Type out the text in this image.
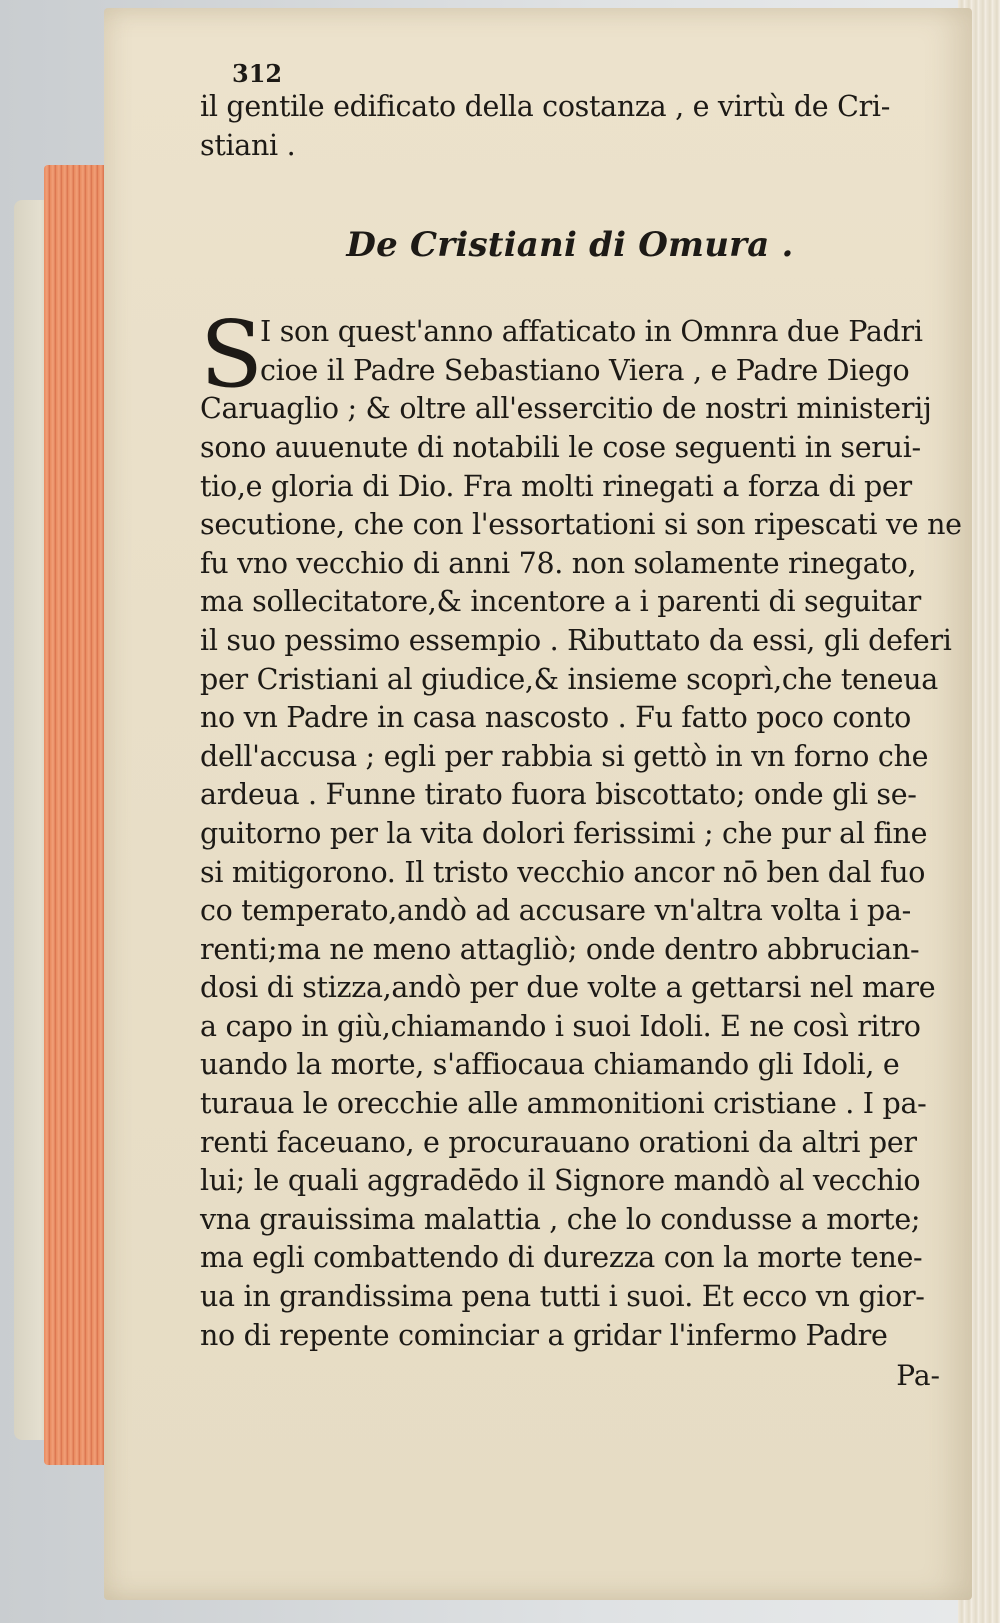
312

il gentile edificato della costanza , e virtù de Cri-

stiani .

De Cristiani di Omura .
S

I son quest'anno affaticato in Omnra due Padri

cioe il Padre Sebastiano Viera , e Padre Diego

Caruaglio ; & oltre all'essercitio de nostri ministerij

sono auuenute di notabili le cose seguenti in serui-

tio,e gloria di Dio. Fra molti rinegati a forza di per

secutione, che con l'essortationi si son ripescati ve ne

fu vno vecchio di anni 78. non solamente rinegato,

ma sollecitatore,& incentore a i parenti di seguitar

il suo pessimo essempio . Ributtato da essi, gli deferi

per Cristiani al giudice,& insieme scoprì,che teneua

no vn Padre in casa nascosto . Fu fatto poco conto

dell'accusa ; egli per rabbia si gettò in vn forno che

ardeua . Funne tirato fuora biscottato; onde gli se-

guitorno per la vita dolori ferissimi ; che pur al fine

si mitigorono. Il tristo vecchio ancor nō ben dal fuo

co temperato,andò ad accusare vn'altra volta i pa-

renti;ma ne meno attagliò; onde dentro abbrucian-

dosi di stizza,andò per due volte a gettarsi nel mare

a capo in giù,chiamando i suoi Idoli. E ne così ritro

uando la morte, s'affiocaua chiamando gli Idoli, e

turaua le orecchie alle ammonitioni cristiane . I pa-

renti faceuano, e procurauano orationi da altri per

lui; le quali aggradēdo il Signore mandò al vecchio

vna grauissima malattia , che lo condusse a morte;

ma egli combattendo di durezza con la morte tene-

ua in grandissima pena tutti i suoi. Et ecco vn gior-

no di repente cominciar a gridar l'infermo Padre

Pa-
